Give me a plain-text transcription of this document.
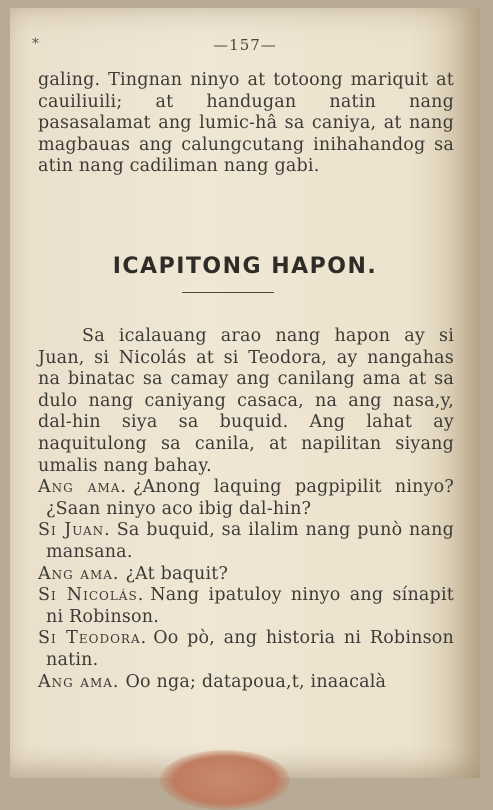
*	—157—

galing. Tingnan ninyo at totoong mariquit at cauiliuili; at handugan natin nang pasasalamat ang lumic-hâ sa caniya, at nang magbauas ang calungcutang inihahandog sa atin nang cadiliman nang gabi.

ICAPITONG HAPON.

Sa icalauang arao nang hapon ay si Juan, si Nicolás at si Teodora, ay nangahas na binatac sa camay ang canilang ama at sa dulo nang caniyang casaca, na ang nasa,y, dal-hin siya sa buquid. Ang lahat ay naquitulong sa canila, at napilitan siyang umalis nang bahay.

Ang ama. ¿Anong laquing pagpipilit ninyo? ¿Saan ninyo aco ibig dal-hin?

Si Juan. Sa buquid, sa ilalim nang punò nang mansana.

Ang ama. ¿At baquit?

Si Nicolás. Nang ipatuloy ninyo ang sínapit ni Robinson.

Si Teodora. Oo pò, ang historia ni Robinson natin.

Ang ama. Oo nga; datapoua,t, inaacalà
